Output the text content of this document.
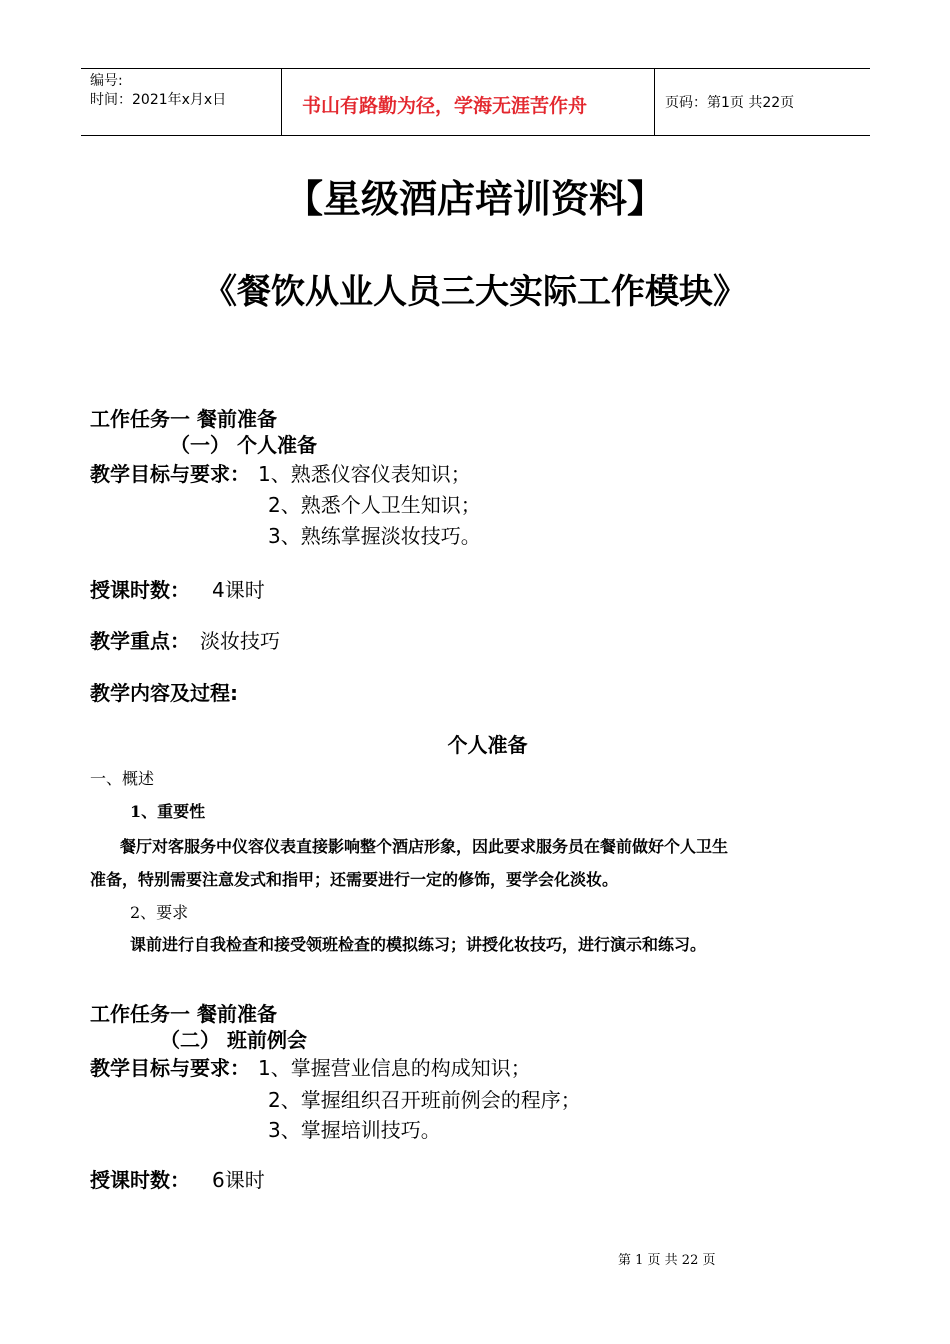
编号:
时间：2021年x月x日	书山有路勤为径，学海无涯苦作舟	页码：第1页 共22页
【星级酒店培训资料】
《餐饮从业人员三大实际工作模块》
工作任务一 餐前准备
（一） 个人准备
教学目标与要求： 1、熟悉仪容仪表知识；
2、熟悉个人卫生知识；
3、熟练掌握淡妆技巧。
授课时数： 4课时
教学重点： 淡妆技巧
教学内容及过程:
个人准备
一、概述
1、重要性
餐厅对客服务中仪容仪表直接影响整个酒店形象，因此要求服务员在餐前做好个人卫生
准备，特别需要注意发式和指甲；还需要进行一定的修饰，要学会化淡妆。
2、要求
课前进行自我检查和接受领班检查的模拟练习；讲授化妆技巧，进行演示和练习。
工作任务一 餐前准备
（二） 班前例会
教学目标与要求： 1、掌握营业信息的构成知识；
2、掌握组织召开班前例会的程序；
3、掌握培训技巧。
授课时数： 6课时
第 1 页 共 22 页
